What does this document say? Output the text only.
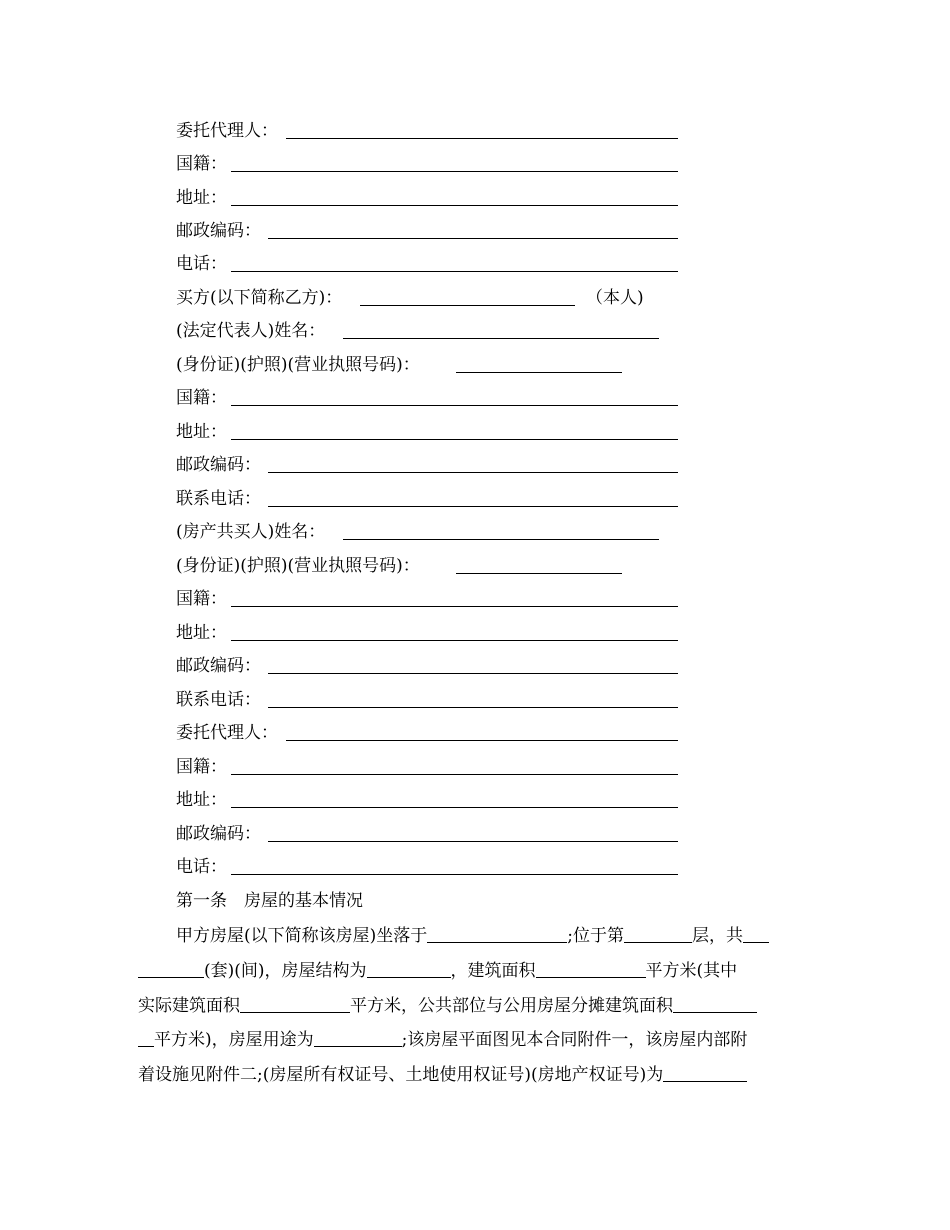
委托代理人：
国籍：
地址：
邮政编码：
电话：
买方(以下简称乙方)：	（本人)
(法定代表人)姓名：
(身份证)(护照)(营业执照号码)：
国籍：
地址：
邮政编码：
联系电话：
(房产共买人)姓名：
(身份证)(护照)(营业执照号码)：
国籍：
地址：
邮政编码：
联系电话：
委托代理人：
国籍：
地址：
邮政编码：
电话：
第一条　房屋的基本情况
甲方房屋(以下简称该房屋)坐落于	;位于第	层，共
(套)(间)，房屋结构为	，建筑面积	平方米(其中
实际建筑面积	平方米，公共部位与公用房屋分摊建筑面积
平方米)，房屋用途为	;该房屋平面图见本合同附件一，该房屋内部附
着设施见附件二;(房屋所有权证号、土地使用权证号)(房地产权证号)为
